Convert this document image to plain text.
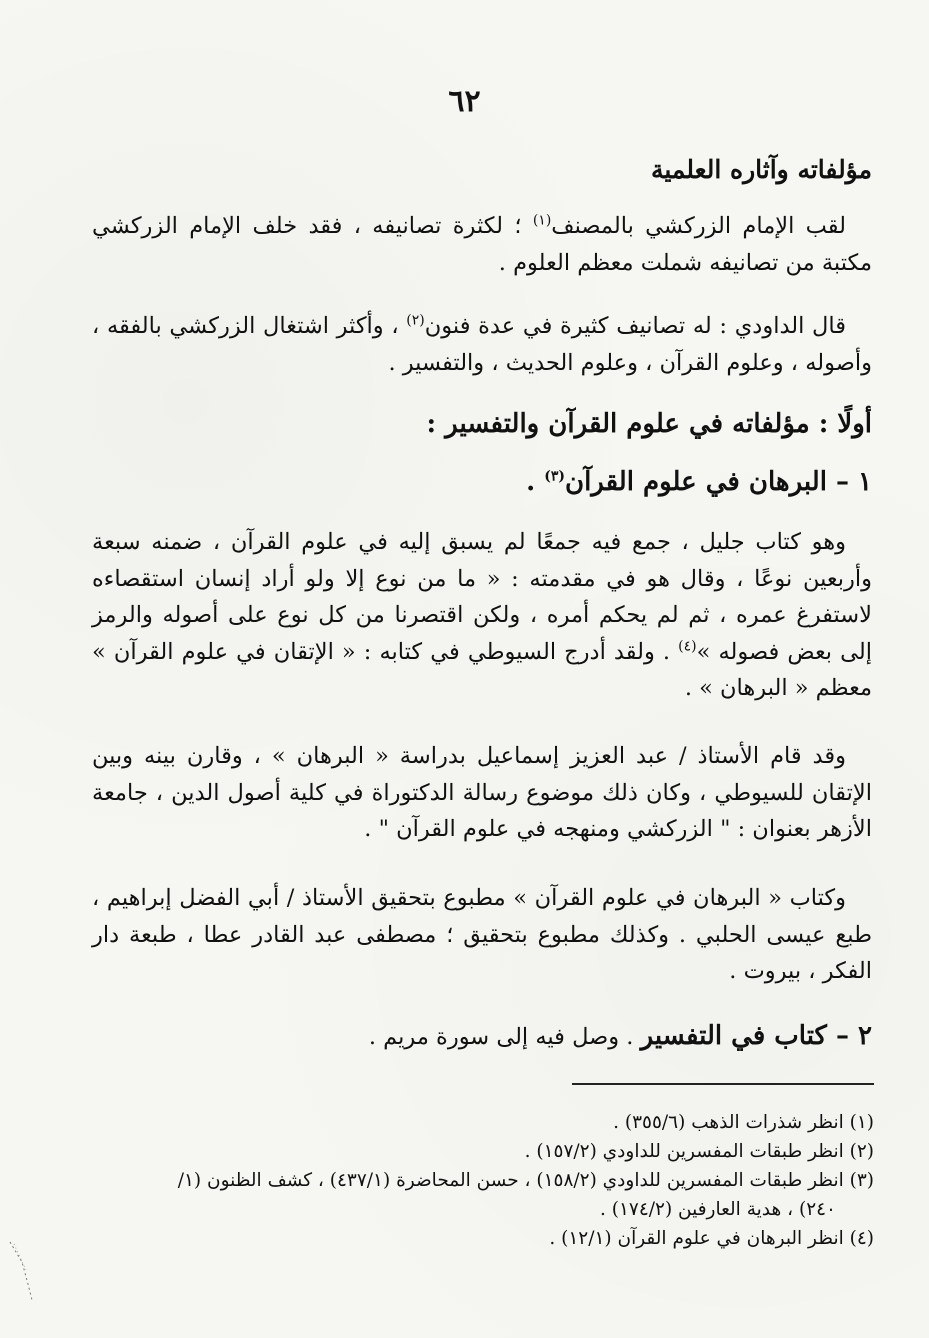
٦٢
مؤلفاته وآثاره العلمية
لقب الإمام الزركشي بالمصنف$^{(١)}$ ؛ لكثرة تصانيفه ، فقد خلف الإمام الزركشي مكتبة من تصانيفه شملت معظم العلوم .
قال الداودي : له تصانيف كثيرة في عدة فنون$^{(٢)}$ ، وأكثر اشتغال الزركشي بالفقه ، وأصوله ، وعلوم القرآن ، وعلوم الحديث ، والتفسير .
أولًا : مؤلفاته في علوم القرآن والتفسير :
١ – البرهان في علوم القرآن$^{(٣)}$ .
وهو كتاب جليل ، جمع فيه جمعًا لم يسبق إليه في علوم القرآن ، ضمنه سبعة وأربعين نوعًا ، وقال هو في مقدمته : « ما من نوع إلا ولو أراد إنسان استقصاءه لاستفرغ عمره ، ثم لم يحكم أمره ، ولكن اقتصرنا من كل نوع على أصوله والرمز إلى بعض فصوله »$^{(٤)}$ . ولقد أدرج السيوطي في كتابه : « الإتقان في علوم القرآن » معظم « البرهان » .
وقد قام الأستاذ / عبد العزيز إسماعيل بدراسة « البرهان » ، وقارن بينه وبين الإتقان للسيوطي ، وكان ذلك موضوع رسالة الدكتوراة في كلية أصول الدين ، جامعة الأزهر بعنوان : " الزركشي ومنهجه في علوم القرآن " .
وكتاب « البرهان في علوم القرآن » مطبوع بتحقيق الأستاذ / أبي الفضل إبراهيم ، طبع عيسى الحلبي . وكذلك مطبوع بتحقيق ؛ مصطفى عبد القادر عطا ، طبعة دار الفكر ، بيروت .
٢ – كتاب في التفسير . وصل فيه إلى سورة مريم .

(١) انظر شذرات الذهب (٣٥٥/٦) .

(٢) انظر طبقات المفسرين للداودي (١٥٧/٢) .

(٣) انظر طبقات المفسرين للداودي (١٥٨/٢) ، حسن المحاضرة (٤٣٧/١) ، كشف الظنون (١/
٢٤٠) ، هدية العارفين (١٧٤/٢) .

(٤) انظر البرهان في علوم القرآن (١٢/١) .
